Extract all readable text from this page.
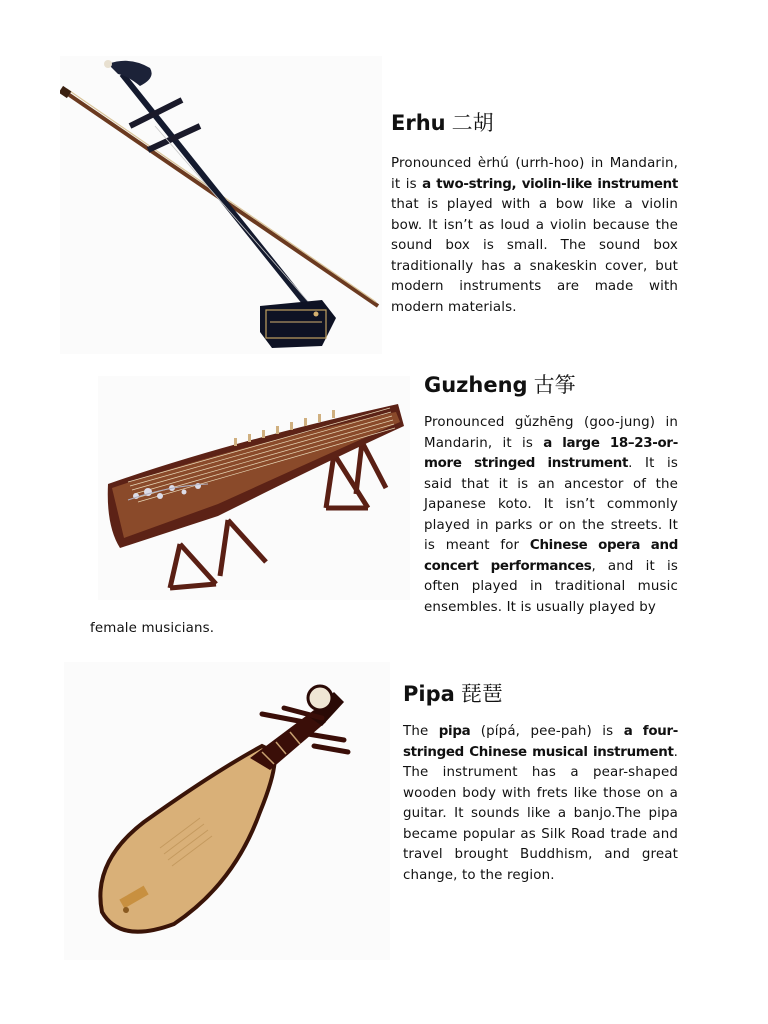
Erhu 二胡

Pronounced èrhú (urrh-hoo) in Mandarin, it is a two-string, violin-like instrument that is played with a bow like a violin bow. It isn’t as loud a violin because the sound box is small. The sound box traditionally has a snakeskin cover, but modern instruments are made with modern materials.

Guzheng 古筝

Pronounced gǔzhēng (goo-jung) in Mandarin, it is a large 18–23-or-more stringed instrument. It is said that it is an ancestor of the Japanese koto. It isn’t commonly played in parks or on the streets. It is meant for Chinese opera and concert performances, and it is often played in traditional music ensembles. It is usually played by

female musicians.

Pipa 琵琶

The pipa (pípá, pee-pah) is a four-stringed Chinese musical instrument. The instrument has a pear-shaped wooden body with frets like those on a guitar. It sounds like a banjo.The pipa became popular as Silk Road trade and travel brought Buddhism, and great change, to the region.
